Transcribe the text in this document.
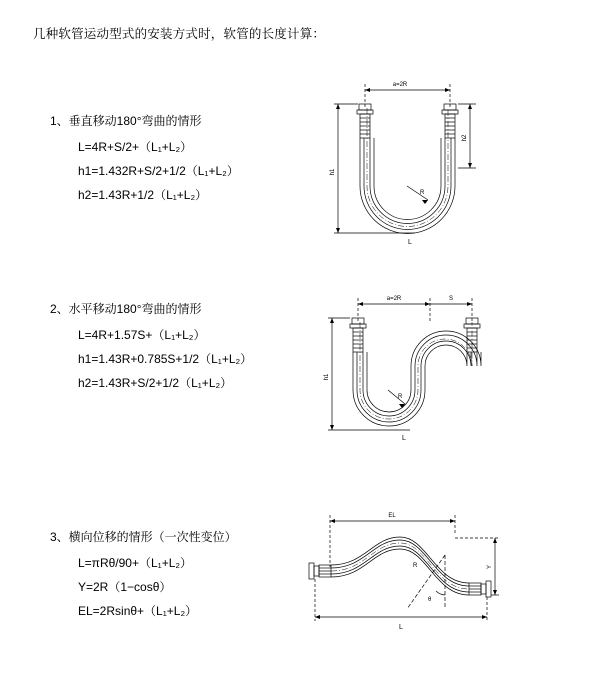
几种软管运动型式的安装方式时，软管的长度计算：
1、垂直移动180°弯曲的情形
L=4R+S/2+（L₁+L₂）
h1=1.432R+S/2+1/2（L₁+L₂）
h2=1.43R+1/2（L₁+L₂）
2、水平移动180°弯曲的情形
L=4R+1.57S+（L₁+L₂）
h1=1.43R+0.785S+1/2（L₁+L₂）
h2=1.43R+S/2+1/2（L₁+L₂）
3、横向位移的情形（一次性变位）
L=πRθ/90+（L₁+L₂）
Y=2R（1−cosθ）
EL=2Rsinθ+（L₁+L₂）
a=2R
R
h1
h2
L
a=2R	S
R
h1
L
EL
θ
R	Y
L
